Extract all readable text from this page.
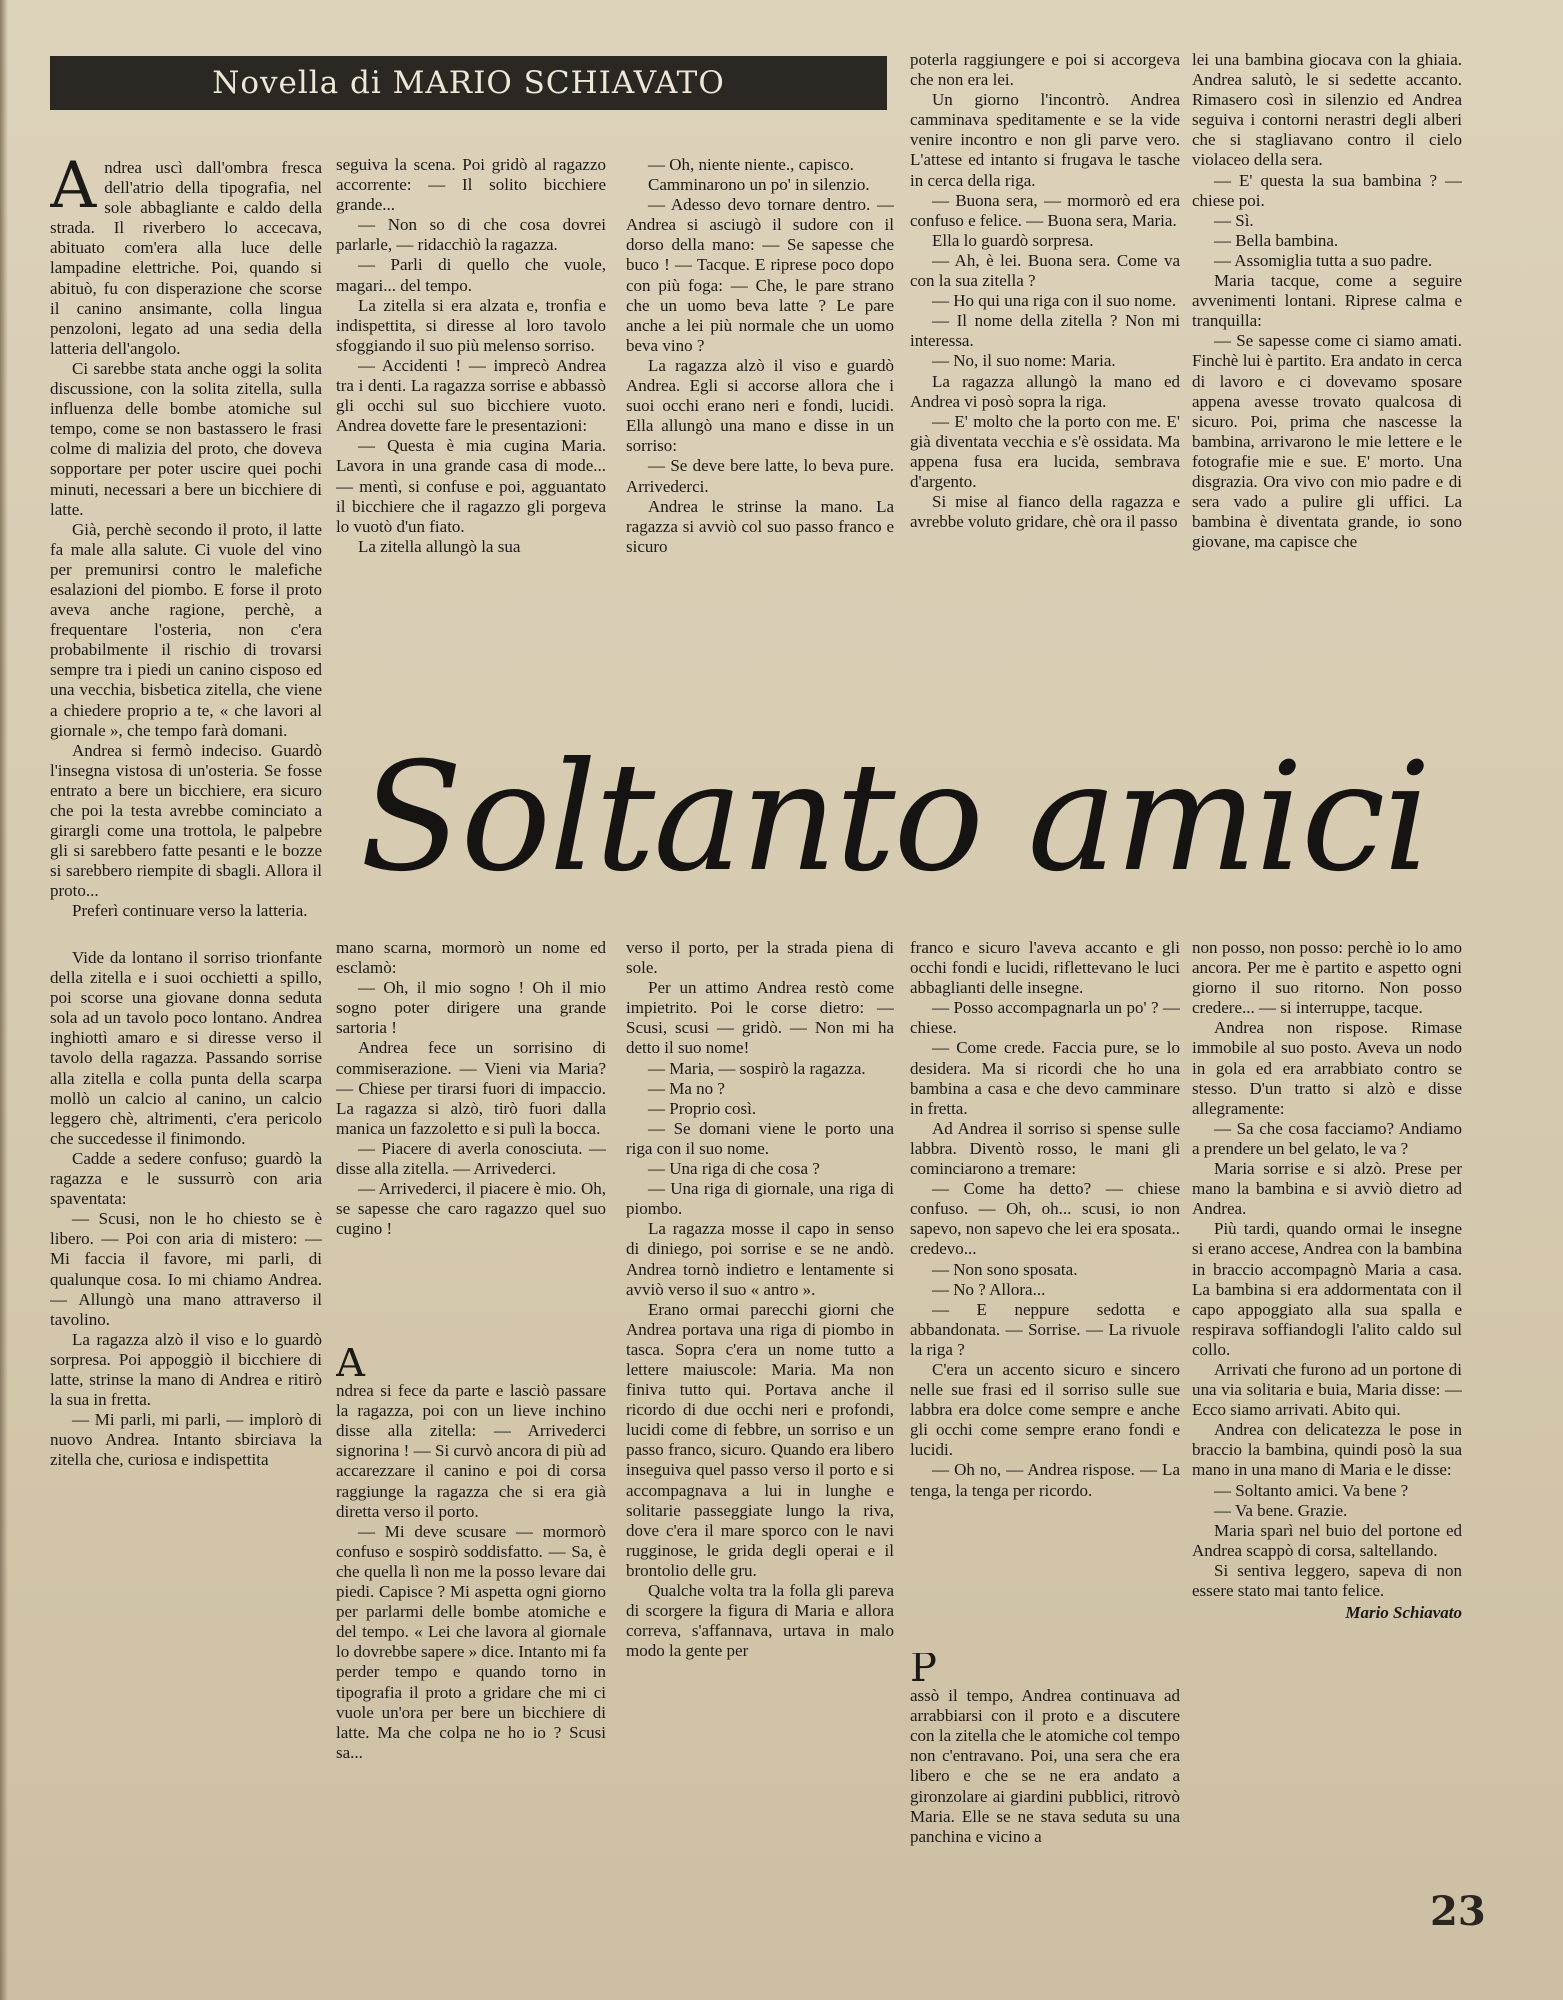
Novella di MARIO SCHIAVATO
A ndrea uscì dall'ombra fresca dell'atrio della tipografia, nel sole abbagliante e caldo della strada. Il riverbero lo accecava, abituato com'era alla luce delle lampadine elettriche. Poi, quando si abituò, fu con disperazione che scorse il canino ansimante, colla lingua penzoloni, legato ad una sedia della latteria dell'angolo.

Ci sarebbe stata anche oggi la solita discussione, con la solita zitella, sulla influenza delle bombe atomiche sul tempo, come se non bastassero le frasi colme di malizia del proto, che doveva sopportare per poter uscire quei pochi minuti, necessari a bere un bicchiere di latte.

Già, perchè secondo il proto, il latte fa male alla salute. Ci vuole del vino per premunirsi contro le malefiche esalazioni del piombo. E forse il proto aveva anche ragione, perchè, a frequentare l'osteria, non c'era probabilmente il rischio di trovarsi sempre tra i piedi un canino cisposo ed una vecchia, bisbetica zitella, che viene a chiedere proprio a te, « che lavori al giornale », che tempo farà domani.

Andrea si fermò indeciso. Guardò l'insegna vistosa di un'osteria. Se fosse entrato a bere un bicchiere, era sicuro che poi la testa avrebbe cominciato a girargli come una trottola, le palpebre gli si sarebbero fatte pesanti e le bozze si sarebbero riempite di sbagli. Allora il proto...

Preferì continuare verso la latteria.

seguiva la scena. Poi gridò al ragazzo accorrente: — Il solito bicchiere grande...

— Non so di che cosa dovrei parlarle, — ridacchiò la ragazza.

— Parli di quello che vuole, magari... del tempo.

La zitella si era alzata e, tronfia e indispettita, si diresse al loro tavolo sfoggiando il suo più melenso sorriso.

— Accidenti ! — imprecò Andrea tra i denti. La ragazza sorrise e abbassò gli occhi sul suo bicchiere vuoto. Andrea dovette fare le presentazioni:

— Questa è mia cugina Maria. Lavora in una grande casa di mode... — mentì, si confuse e poi, agguantato il bicchiere che il ragazzo gli porgeva lo vuotò d'un fiato.

La zitella allungò la sua

— Oh, niente niente., capisco.

Camminarono un po' in silenzio.

— Adesso devo tornare dentro. — Andrea si asciugò il sudore con il dorso della mano: — Se sapesse che buco ! — Tacque. E riprese poco dopo con più foga: — Che, le pare strano che un uomo beva latte ? Le pare anche a lei più normale che un uomo beva vino ?

La ragazza alzò il viso e guardò Andrea. Egli si accorse allora che i suoi occhi erano neri e fondi, lucidi. Ella allungò una mano e disse in un sorriso:

— Se deve bere latte, lo beva pure. Arrivederci.

Andrea le strinse la mano. La ragazza si avviò col suo passo franco e sicuro

poterla raggiungere e poi si accorgeva che non era lei.

Un giorno l'incontrò. Andrea camminava speditamente e se la vide venire incontro e non gli parve vero. L'attese ed intanto si frugava le tasche in cerca della riga.

— Buona sera, — mormorò ed era confuso e felice. — Buona sera, Maria.

Ella lo guardò sorpresa.

— Ah, è lei. Buona sera. Come va con la sua zitella ?

— Ho qui una riga con il suo nome.

— Il nome della zitella ? Non mi interessa.

— No, il suo nome: Maria.

La ragazza allungò la mano ed Andrea vi posò sopra la riga.

— E' molto che la porto con me. E' già diventata vecchia e s'è ossidata. Ma appena fusa era lucida, sembrava d'argento.

Si mise al fianco della ragazza e avrebbe voluto gridare, chè ora il passo

lei una bambina giocava con la ghiaia. Andrea salutò, le si sedette accanto. Rimasero così in silenzio ed Andrea seguiva i contorni nerastri degli alberi che si stagliavano contro il cielo violaceo della sera.

— E' questa la sua bambina ? — chiese poi.

— Sì.

— Bella bambina.

— Assomiglia tutta a suo padre.

Maria tacque, come a seguire avvenimenti lontani. Riprese calma e tranquilla:

— Se sapesse come ci siamo amati. Finchè lui è partito. Era andato in cerca di lavoro e ci dovevamo sposare appena avesse trovato qualcosa di sicuro. Poi, prima che nascesse la bambina, arrivarono le mie lettere e le fotografie mie e sue. E' morto. Una disgrazia. Ora vivo con mio padre e di sera vado a pulire gli uffici. La bambina è diventata grande, io sono giovane, ma capisce che

Soltanto amici

Vide da lontano il sorriso trionfante della zitella e i suoi occhietti a spillo, poi scorse una giovane donna seduta sola ad un tavolo poco lontano. Andrea inghiottì amaro e si diresse verso il tavolo della ragazza. Passando sorrise alla zitella e colla punta della scarpa mollò un calcio al canino, un calcio leggero chè, altrimenti, c'era pericolo che succedesse il finimondo.

Cadde a sedere confuso; guardò la ragazza e le sussurrò con aria spaventata:

— Scusi, non le ho chiesto se è libero. — Poi con aria di mistero: — Mi faccia il favore, mi parli, di qualunque cosa. Io mi chiamo Andrea. — Allungò una mano attraverso il tavolino.

La ragazza alzò il viso e lo guardò sorpresa. Poi appoggiò il bicchiere di latte, strinse la mano di Andrea e ritirò la sua in fretta.

— Mi parli, mi parli, — implorò di nuovo Andrea. Intanto sbirciava la zitella che, curiosa e indispettita

mano scarna, mormorò un nome ed esclamò:

— Oh, il mio sogno ! Oh il mio sogno poter dirigere una grande sartoria !

Andrea fece un sorrisino di commiserazione. — Vieni via Maria? — Chiese per tirarsi fuori di impaccio. La ragazza si alzò, tirò fuori dalla manica un fazzoletto e si pulì la bocca.

— Piacere di averla conosciuta. — disse alla zitella. — Arrivederci.

— Arrivederci, il piacere è mio. Oh, se sapesse che caro ragazzo quel suo cugino !

A

ndrea si fece da parte e lasciò passare la ragazza, poi con un lieve inchino disse alla zitella: — Arrivederci signorina ! — Si curvò ancora di più ad accarezzare il canino e poi di corsa raggiunge la ragazza che si era già diretta verso il porto.

— Mi deve scusare — mormorò confuso e sospirò soddisfatto. — Sa, è che quella lì non me la posso levare dai piedi. Capisce ? Mi aspetta ogni giorno per parlarmi delle bombe atomiche e del tempo. « Lei che lavora al giornale lo dovrebbe sapere » dice. Intanto mi fa perder tempo e quando torno in tipografia il proto a gridare che mi ci vuole un'ora per bere un bicchiere di latte. Ma che colpa ne ho io ? Scusi sa...

verso il porto, per la strada piena di sole.

Per un attimo Andrea restò come impietrito. Poi le corse dietro: — Scusi, scusi — gridò. — Non mi ha detto il suo nome!

— Maria, — sospirò la ragazza.

— Ma no ?

— Proprio così.

— Se domani viene le porto una riga con il suo nome.

— Una riga di che cosa ?

— Una riga di giornale, una riga di piombo.

La ragazza mosse il capo in senso di diniego, poi sorrise e se ne andò. Andrea tornò indietro e lentamente si avviò verso il suo « antro ».

Erano ormai parecchi giorni che Andrea portava una riga di piombo in tasca. Sopra c'era un nome tutto a lettere maiuscole: Maria. Ma non finiva tutto qui. Portava anche il ricordo di due occhi neri e profondi, lucidi come di febbre, un sorriso e un passo franco, sicuro. Quando era libero inseguiva quel passo verso il porto e si accompagnava a lui in lunghe e solitarie passeggiate lungo la riva, dove c'era il mare sporco con le navi rugginose, le grida degli operai e il brontolio delle gru.

Qualche volta tra la folla gli pareva di scorgere la figura di Maria e allora correva, s'affannava, urtava in malo modo la gente per

franco e sicuro l'aveva accanto e gli occhi fondi e lucidi, riflettevano le luci abbaglianti delle insegne.

— Posso accompagnarla un po' ? — chiese.

— Come crede. Faccia pure, se lo desidera. Ma si ricordi che ho una bambina a casa e che devo camminare in fretta.

Ad Andrea il sorriso si spense sulle labbra. Diventò rosso, le mani gli cominciarono a tremare:

— Come ha detto? — chiese confuso. — Oh, oh... scusi, io non sapevo, non sapevo che lei era sposata.. credevo...

— Non sono sposata.

— No ? Allora...

— E neppure sedotta e abbandonata. — Sorrise. — La rivuole la riga ?

C'era un accento sicuro e sincero nelle sue frasi ed il sorriso sulle sue labbra era dolce come sempre e anche gli occhi come sempre erano fondi e lucidi.

— Oh no, — Andrea rispose. — La tenga, la tenga per ricordo.

P

assò il tempo, Andrea continuava ad arrabbiarsi con il proto e a discutere con la zitella che le atomiche col tempo non c'entravano. Poi, una sera che era libero e che se ne era andato a gironzolare ai giardini pubblici, ritrovò Maria. Elle se ne stava seduta su una panchina e vicino a

non posso, non posso: perchè io lo amo ancora. Per me è partito e aspetto ogni giorno il suo ritorno. Non posso credere... — si interruppe, tacque.

Andrea non rispose. Rimase immobile al suo posto. Aveva un nodo in gola ed era arrabbiato contro se stesso. D'un tratto si alzò e disse allegramente:

— Sa che cosa facciamo? Andiamo a prendere un bel gelato, le va ?

Maria sorrise e si alzò. Prese per mano la bambina e si avviò dietro ad Andrea.

Più tardi, quando ormai le insegne si erano accese, Andrea con la bambina in braccio accompagnò Maria a casa. La bambina si era addormentata con il capo appoggiato alla sua spalla e respirava soffiandogli l'alito caldo sul collo.

Arrivati che furono ad un portone di una via solitaria e buia, Maria disse: — Ecco siamo arrivati. Abito qui.

Andrea con delicatezza le pose in braccio la bambina, quindi posò la sua mano in una mano di Maria e le disse:

— Soltanto amici. Va bene ?

— Va bene. Grazie.

Maria sparì nel buio del portone ed Andrea scappò di corsa, saltellando.

Si sentiva leggero, sapeva di non essere stato mai tanto felice.

Mario Schiavato
23
